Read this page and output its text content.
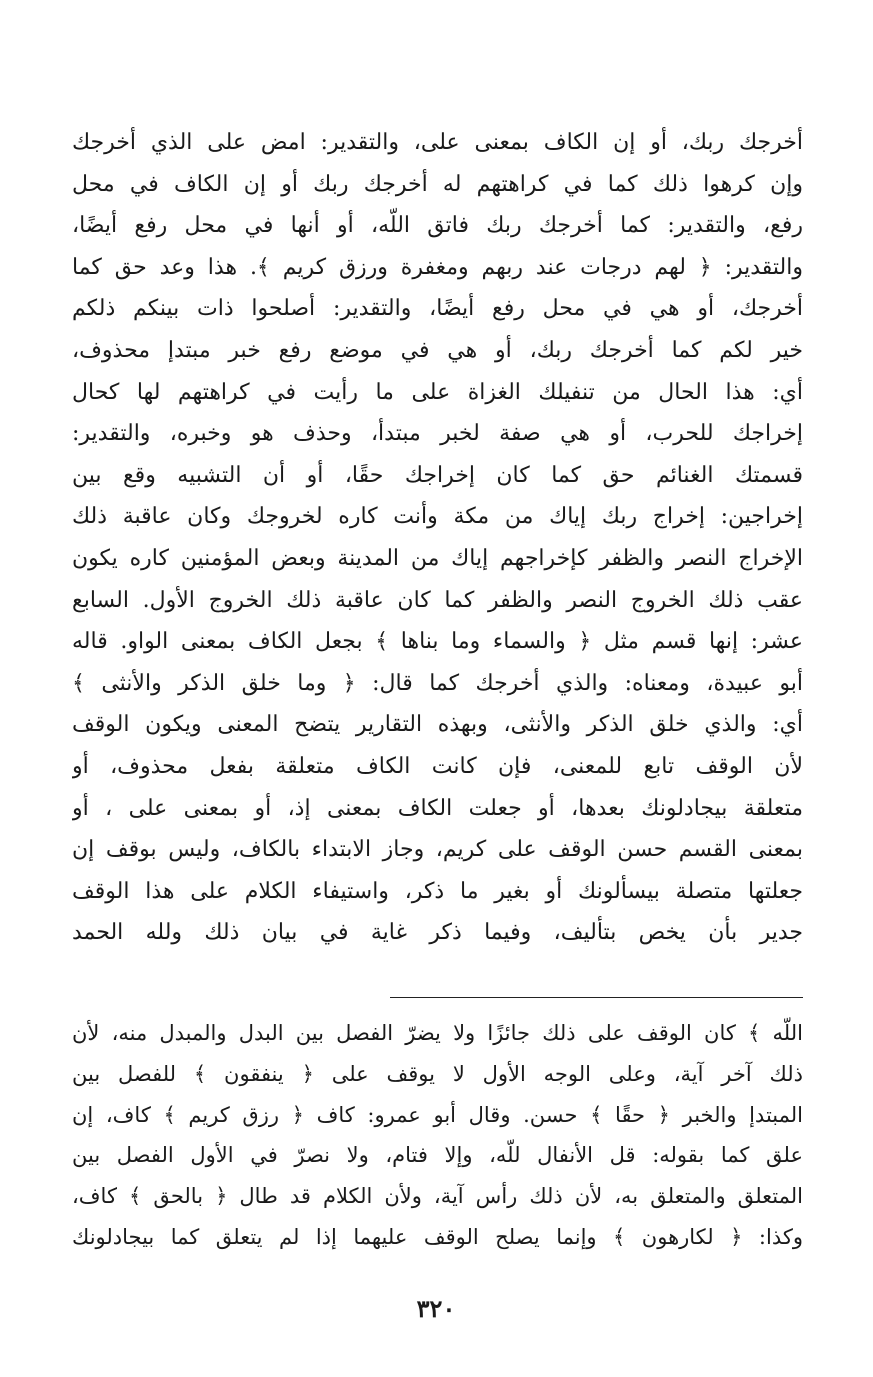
أخرجك ربك، أو إن الكاف بمعنى على، والتقدير: امض على الذي أخرجك
وإن كرهوا ذلك كما في كراهتهم له أخرجك ربك أو إن الكاف في محل
رفع، والتقدير: كما أخرجك ربك فاتق اللّه، أو أنها في محل رفع أيضًا،
والتقدير: ﴿ لهم درجات عند ربهم ومغفرة ورزق كريم ﴾. هذا وعد حق كما
أخرجك، أو هي في محل رفع أيضًا، والتقدير: أصلحوا ذات بينكم ذلكم
خير لكم كما أخرجك ربك، أو هي في موضع رفع خبر مبتدإ محذوف،
أي: هذا الحال من تنفيلك الغزاة على ما رأيت في كراهتهم لها كحال
إخراجك للحرب، أو هي صفة لخبر مبتدأ، وحذف هو وخبره، والتقدير:
قسمتك الغنائم حق كما كان إخراجك حقًا، أو أن التشبيه وقع بين
إخراجين: إخراج ربك إياك من مكة وأنت كاره لخروجك وكان عاقبة ذلك
الإخراج النصر والظفر كإخراجهم إياك من المدينة وبعض المؤمنين كاره يكون
عقب ذلك الخروج النصر والظفر كما كان عاقبة ذلك الخروج الأول. السابع
عشر: إنها قسم مثل ﴿ والسماء وما بناها ﴾ بجعل الكاف بمعنى الواو. قاله
أبو عبيدة، ومعناه: والذي أخرجك كما قال: ﴿ وما خلق الذكر والأنثى ﴾
أي: والذي خلق الذكر والأنثى، وبهذه التقارير يتضح المعنى ويكون الوقف
لأن الوقف تابع للمعنى، فإن كانت الكاف متعلقة بفعل محذوف، أو
متعلقة بيجادلونك بعدها، أو جعلت الكاف بمعنى إذ، أو بمعنى على ، أو
بمعنى القسم حسن الوقف على كريم، وجاز الابتداء بالكاف، وليس بوقف إن
جعلتها متصلة بيسألونك أو بغير ما ذكر، واستيفاء الكلام على هذا الوقف
جدير بأن يخص بتأليف، وفيما ذكر غاية في بيان ذلك ولله الحمد
اللّه ﴾ كان الوقف على ذلك جائزًا ولا يضرّ الفصل بين البدل والمبدل منه، لأن
ذلك آخر آية، وعلى الوجه الأول لا يوقف على ﴿ ينفقون ﴾ للفصل بين
المبتدإ والخبر ﴿ حقًا ﴾ حسن. وقال أبو عمرو: كاف ﴿ رزق كريم ﴾ كاف، إن
علق كما بقوله: قل الأنفال للّه، وإلا فتام، ولا نصرّ في الأول الفصل بين
المتعلق والمتعلق به، لأن ذلك رأس آية، ولأن الكلام قد طال ﴿ بالحق ﴾ كاف،
وكذا: ﴿ لكارهون ﴾ وإنما يصلح الوقف عليهما إذا لم يتعلق كما بيجادلونك
٣٢٠
